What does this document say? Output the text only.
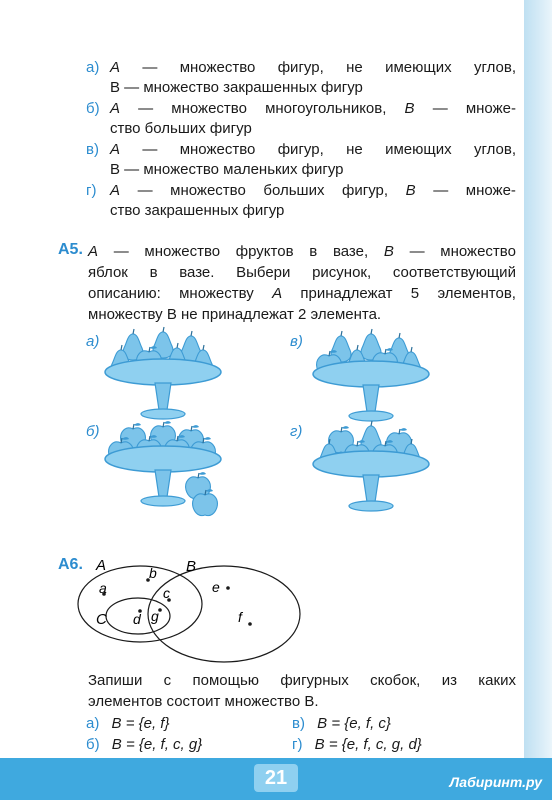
а) А — множество фигур, не имеющих углов,
В — множество закрашенных фигур
б) А — множество многоугольников, В — множе-
ство больших фигур
в) А — множество фигур, не имеющих углов,
В — множество маленьких фигур
г) А — множество больших фигур, В — множе-
ство закрашенных фигур
А5. А — множество фруктов в вазе, В — множество
яблок в вазе. Выбери рисунок, соответствующий
описанию: множеству А принадлежат 5 элементов,
множеству В не принадлежат 2 элемента.
а)
б)
в)
г)
A	B
C
a
b
c
d
e
f
g
А6.
Запиши с помощью фигурных скобок, из каких
элементов состоит множество В.
а) B = {e, f}	в) B = {e, f, c}
б) B = {e, f, c, g}	г) B = {e, f, c, g, d}
21	Лабиринт.ру
